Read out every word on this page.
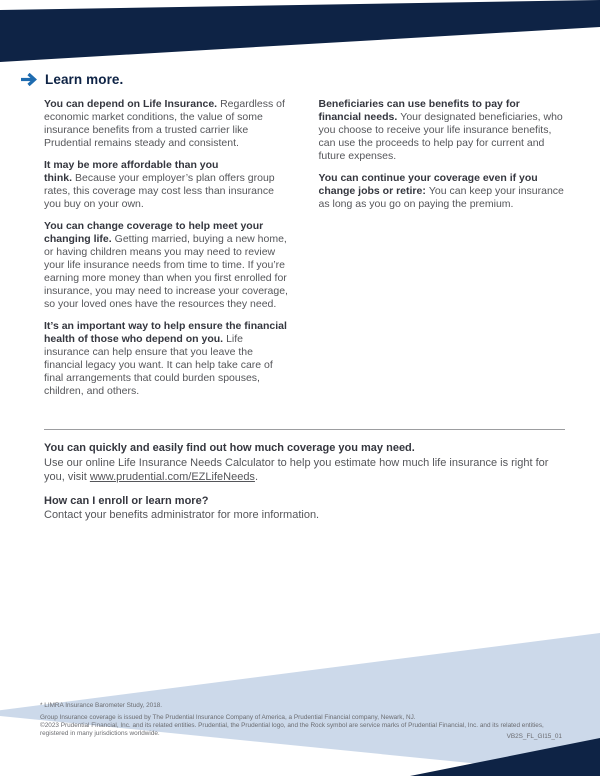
Learn more.

You can depend on Life Insurance. Regardless of economic market conditions, the value of some insurance benefits from a trusted carrier like Prudential remains steady and consistent.

It may be more affordable than you think. Because your employer’s plan offers group rates, this coverage may cost less than insurance you buy on your own.

You can change coverage to help meet your changing life. Getting married, buying a new home, or having children means you may need to review your life insurance needs from time to time. If you’re earning more money than when you first enrolled for insurance, you may need to increase your coverage, so your loved ones have the resources they need.

It’s an important way to help ensure the financial health of those who depend on you. Life insurance can help ensure that you leave the financial legacy you want. It can help take care of final arrangements that could burden spouses, children, and others.

Beneficiaries can use benefits to pay for financial needs. Your designated beneficiaries, who you choose to receive your life insurance benefits, can use the proceeds to help pay for current and future expenses.

You can continue your coverage even if you change jobs or retire: You can keep your insurance as long as you go on paying the premium.

You can quickly and easily find out how much coverage you may need.

Use our online Life Insurance Needs Calculator to help you estimate how much life insurance is right for you, visit www.prudential.com/EZLifeNeeds.

How can I enroll or learn more?

Contact your benefits administrator for more information.

* LIMRA Insurance Barometer Study, 2018.
Group Insurance coverage is issued by The Prudential Insurance Company of America, a Prudential Financial company, Newark, NJ.
©2023 Prudential Financial, Inc. and its related entities. Prudential, the Prudential logo, and the Rock symbol are service marks of Prudential Financial, Inc. and its related entities, registered in many jurisdictions worldwide.	VB2S_FL_GI15_01
